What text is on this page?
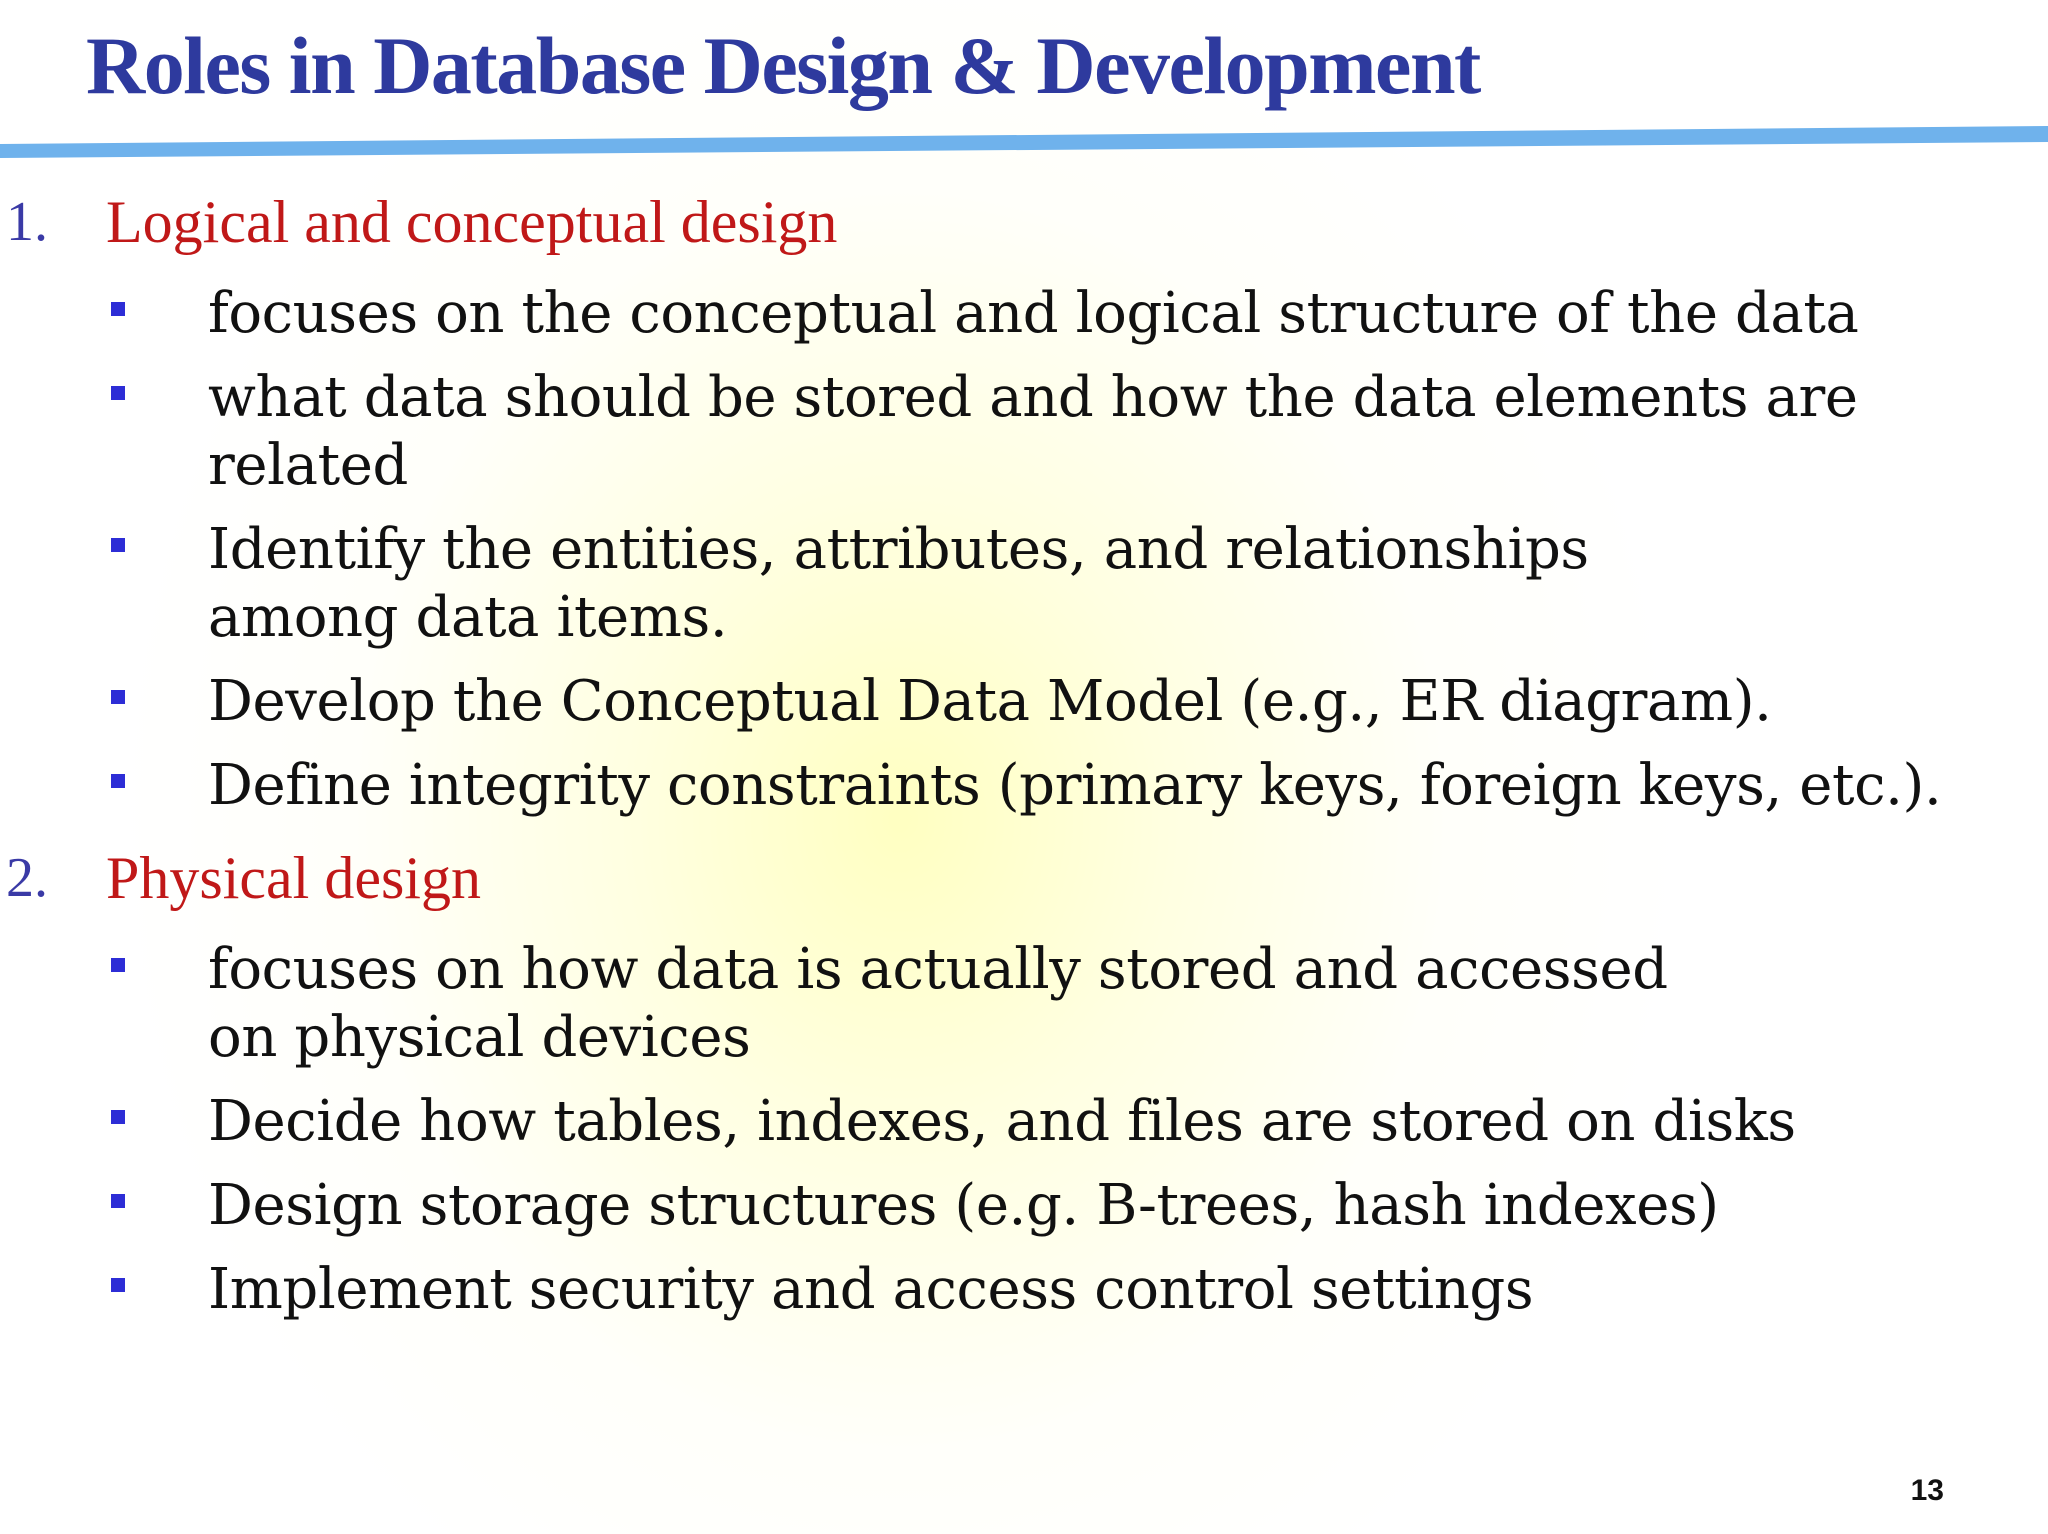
Roles in Database Design & Development
1. Logical and conceptual design
focuses on the conceptual and logical structure of the data
what data should be stored and how the data elements are related
Identify the entities, attributes, and relationships among data items.
Develop the Conceptual Data Model (e.g., ER diagram).
Define integrity constraints (primary keys, foreign keys, etc.).
2. Physical design
focuses on how data is actually stored and accessed on physical devices
Decide how tables, indexes, and files are stored on disks
Design storage structures (e.g. B-trees, hash indexes)
Implement security and access control settings
13
